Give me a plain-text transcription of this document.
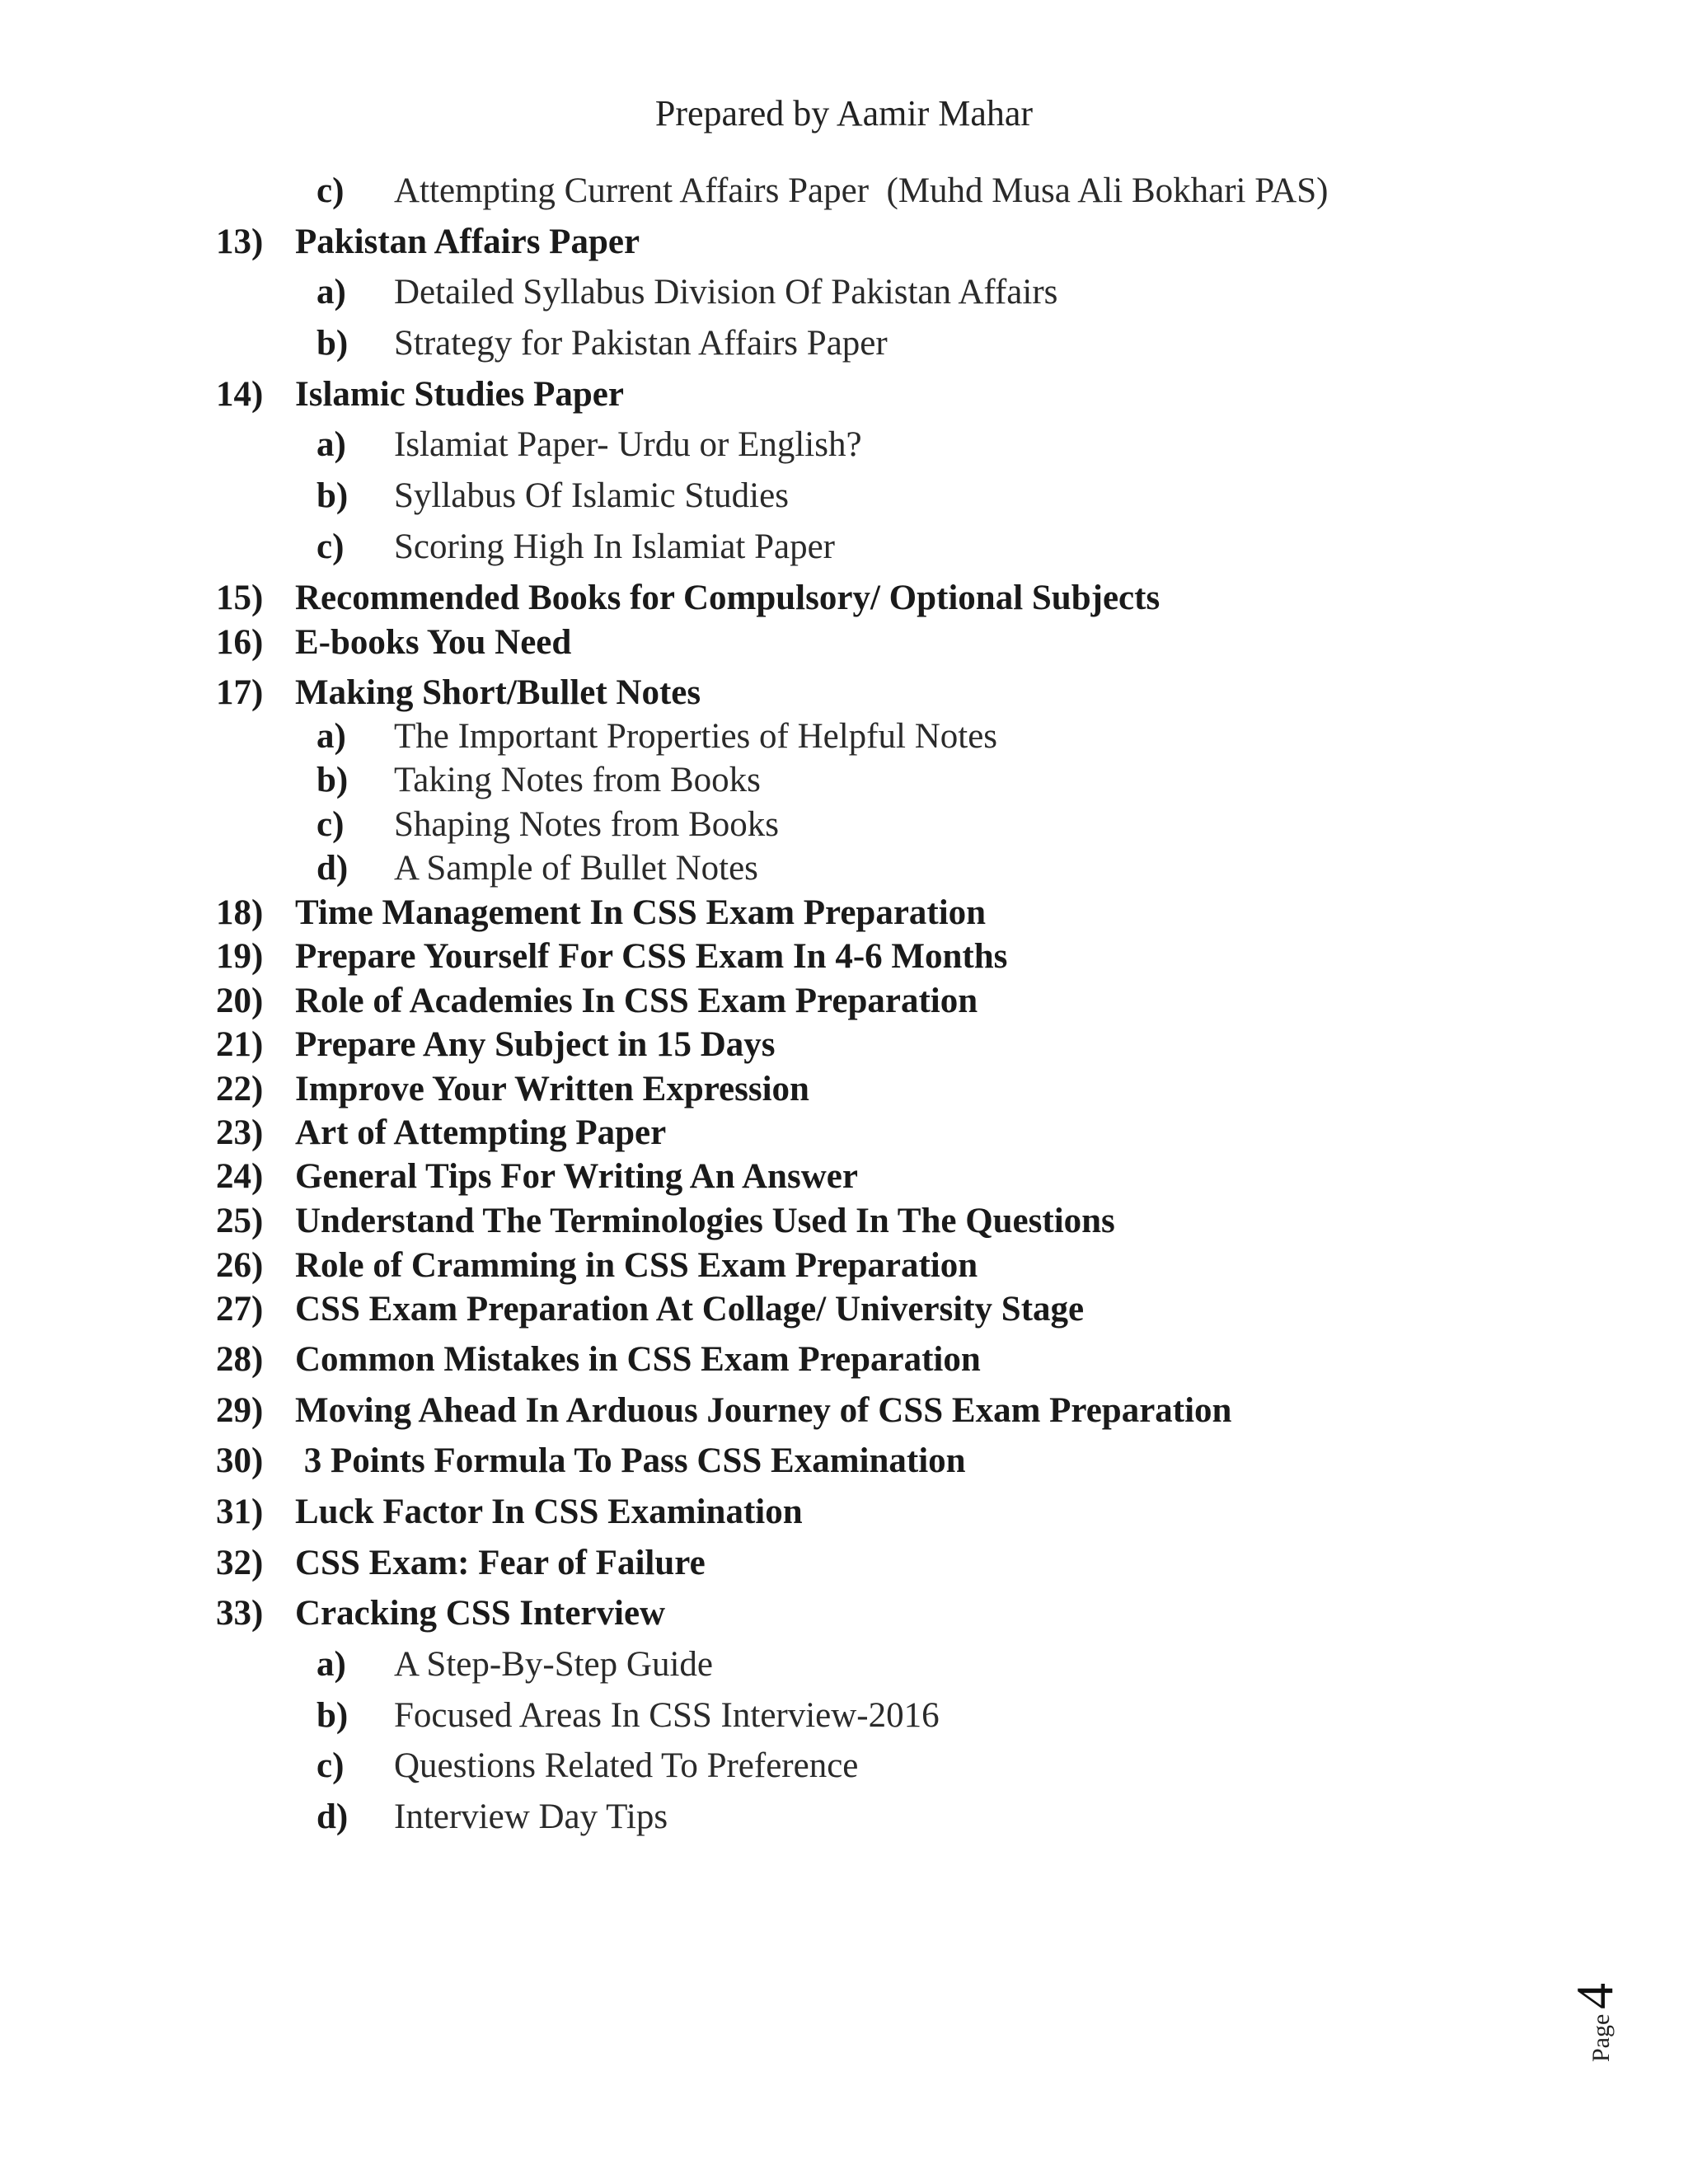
Prepared by Aamir Mahar
c) Attempting Current Affairs Paper  (Muhd Musa Ali Bokhari PAS)
13) Pakistan Affairs Paper
a) Detailed Syllabus Division Of Pakistan Affairs
b) Strategy for Pakistan Affairs Paper
14) Islamic Studies Paper
a) Islamiat Paper- Urdu or English?
b) Syllabus Of Islamic Studies
c) Scoring High In Islamiat Paper
15) Recommended Books for Compulsory/ Optional Subjects
16) E-books You Need
17) Making Short/Bullet Notes
a) The Important Properties of Helpful Notes
b) Taking Notes from Books
c) Shaping Notes from Books
d) A Sample of Bullet Notes
18) Time Management In CSS Exam Preparation
19) Prepare Yourself For CSS Exam In 4-6 Months
20) Role of Academies In CSS Exam Preparation
21) Prepare Any Subject in 15 Days
22) Improve Your Written Expression
23) Art of Attempting Paper
24) General Tips For Writing An Answer
25) Understand The Terminologies Used In The Questions
26) Role of Cramming in CSS Exam Preparation
27) CSS Exam Preparation At Collage/ University Stage
28) Common Mistakes in CSS Exam Preparation
29) Moving Ahead In Arduous Journey of CSS Exam Preparation
30) 3 Points Formula To Pass CSS Examination
31) Luck Factor In CSS Examination
32) CSS Exam: Fear of Failure
33) Cracking CSS Interview
a) A Step-By-Step Guide
b) Focused Areas In CSS Interview-2016
c) Questions Related To Preference
d) Interview Day Tips
Page
4
